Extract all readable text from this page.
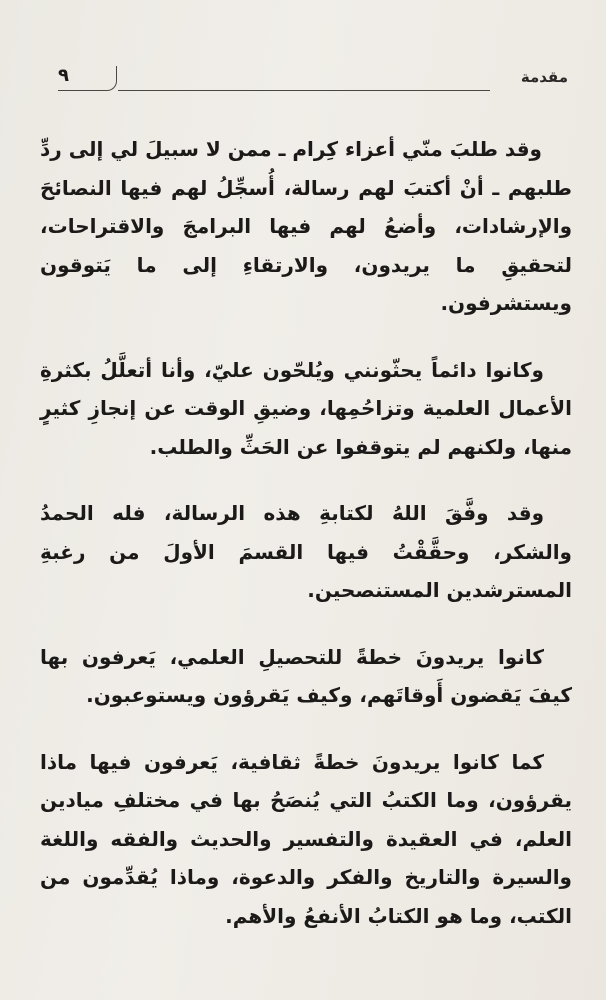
مقدمة
٩

وقد طلبَ منّي أعزاء كِرام ـ ممن لا سبيلَ لي إلى ردِّ طلبهم ـ أنْ أكتبَ لهم رسالة، أُسجِّلُ لهم فيها النصائحَ والإرشادات، وأضعُ لهم فيها البرامجَ والاقتراحات، لتحقيقِ ما يريدون، والارتقاءِ إلى ما يَتوقون ويستشرفون.

وكانوا دائماً يحثّونني ويُلحّون عليّ، وأنا أتعلَّلُ بكثرةِ الأعمال العلمية وتزاحُمِها، وضيقِ الوقت عن إنجازِ كثيرٍ منها، ولكنهم لم يتوقفوا عن الحَثِّ والطلب.

وقد وفَّقَ اللهُ لكتابةِ هذه الرسالة، فله الحمدُ والشكر، وحقَّقْتُ فيها القسمَ الأولَ من رغبةِ المسترشدين المستنصحين.

كانوا يريدونَ خطةً للتحصيلِ العلمي، يَعرفون بها كيفَ يَقضون أَوقاتَهم، وكيف يَقرؤون ويستوعبون.

كما كانوا يريدونَ خطةً ثقافية، يَعرفون فيها ماذا يقرؤون، وما الكتبُ التي يُنصَحُ بها في مختلفِ ميادين العلم، في العقيدة والتفسير والحديث والفقه واللغة والسيرة والتاريخ والفكر والدعوة، وماذا يُقدِّمون من الكتب، وما هو الكتابُ الأنفعُ والأهم.
